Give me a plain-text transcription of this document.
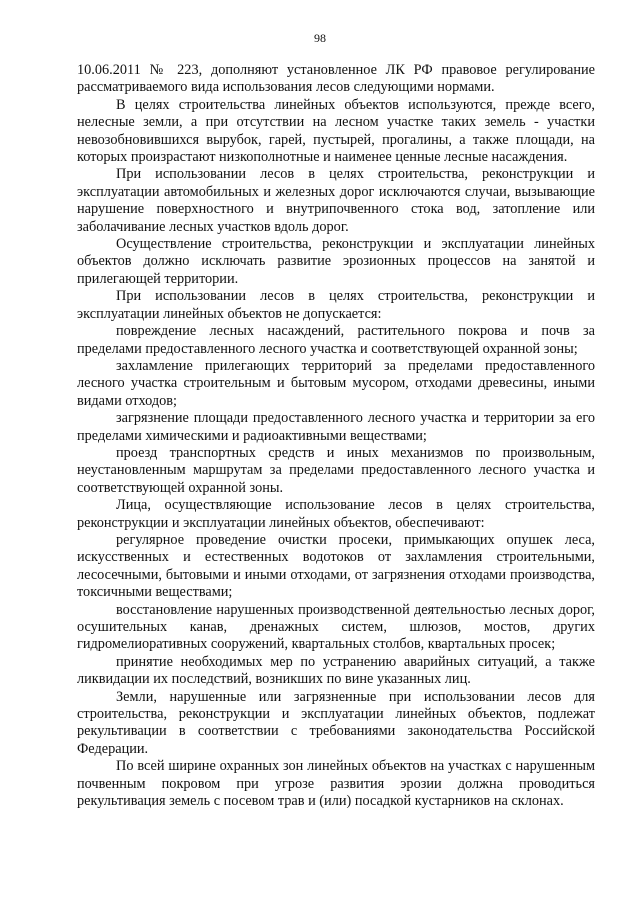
98

10.06.2011 № 223, дополняют установленное ЛК РФ правовое регулирование рассматриваемого вида использования лесов следующими нормами.

В целях строительства линейных объектов используются, прежде всего, нелесные земли, а при отсутствии на лесном участке таких земель - участки невозобновившихся вырубок, гарей, пустырей, прогалины, а также площади, на которых произрастают низкополнотные и наименее ценные лесные насаждения.

При использовании лесов в целях строительства, реконструкции и эксплуатации автомобильных и железных дорог исключаются случаи, вызывающие нарушение поверхностного и внутрипочвенного стока вод, затопление или заболачивание лесных участков вдоль дорог.

Осуществление строительства, реконструкции и эксплуатации линейных объектов должно исключать развитие эрозионных процессов на занятой и прилегающей территории.

При использовании лесов в целях строительства, реконструкции и эксплуатации линейных объектов не допускается:

повреждение лесных насаждений, растительного покрова и почв за пределами предоставленного лесного участка и соответствующей охранной зоны;

захламление прилегающих территорий за пределами предоставленного лесного участка строительным и бытовым мусором, отходами древесины, иными видами отходов;

загрязнение площади предоставленного лесного участка и территории за его пределами химическими и радиоактивными веществами;

проезд транспортных средств и иных механизмов по произвольным, неустановленным маршрутам за пределами предоставленного лесного участка и соответствующей охранной зоны.

Лица, осуществляющие использование лесов в целях строительства, реконструкции и эксплуатации линейных объектов, обеспечивают:

регулярное проведение очистки просеки, примыкающих опушек леса, искусственных и естественных водотоков от захламления строительными, лесосечными, бытовыми и иными отходами, от загрязнения отходами производства, токсичными веществами;

восстановление нарушенных производственной деятельностью лесных дорог, осушительных канав, дренажных систем, шлюзов, мостов, других гидромелиоративных сооружений, квартальных столбов, квартальных просек;

принятие необходимых мер по устранению аварийных ситуаций, а также ликвидации их последствий, возникших по вине указанных лиц.

Земли, нарушенные или загрязненные при использовании лесов для строительства, реконструкции и эксплуатации линейных объектов, подлежат рекультивации в соответствии с требованиями законодательства Российской Федерации.

По всей ширине охранных зон линейных объектов на участках с нарушенным почвенным покровом при угрозе развития эрозии должна проводиться рекультивация земель с посевом трав и (или) посадкой кустарников на склонах.
